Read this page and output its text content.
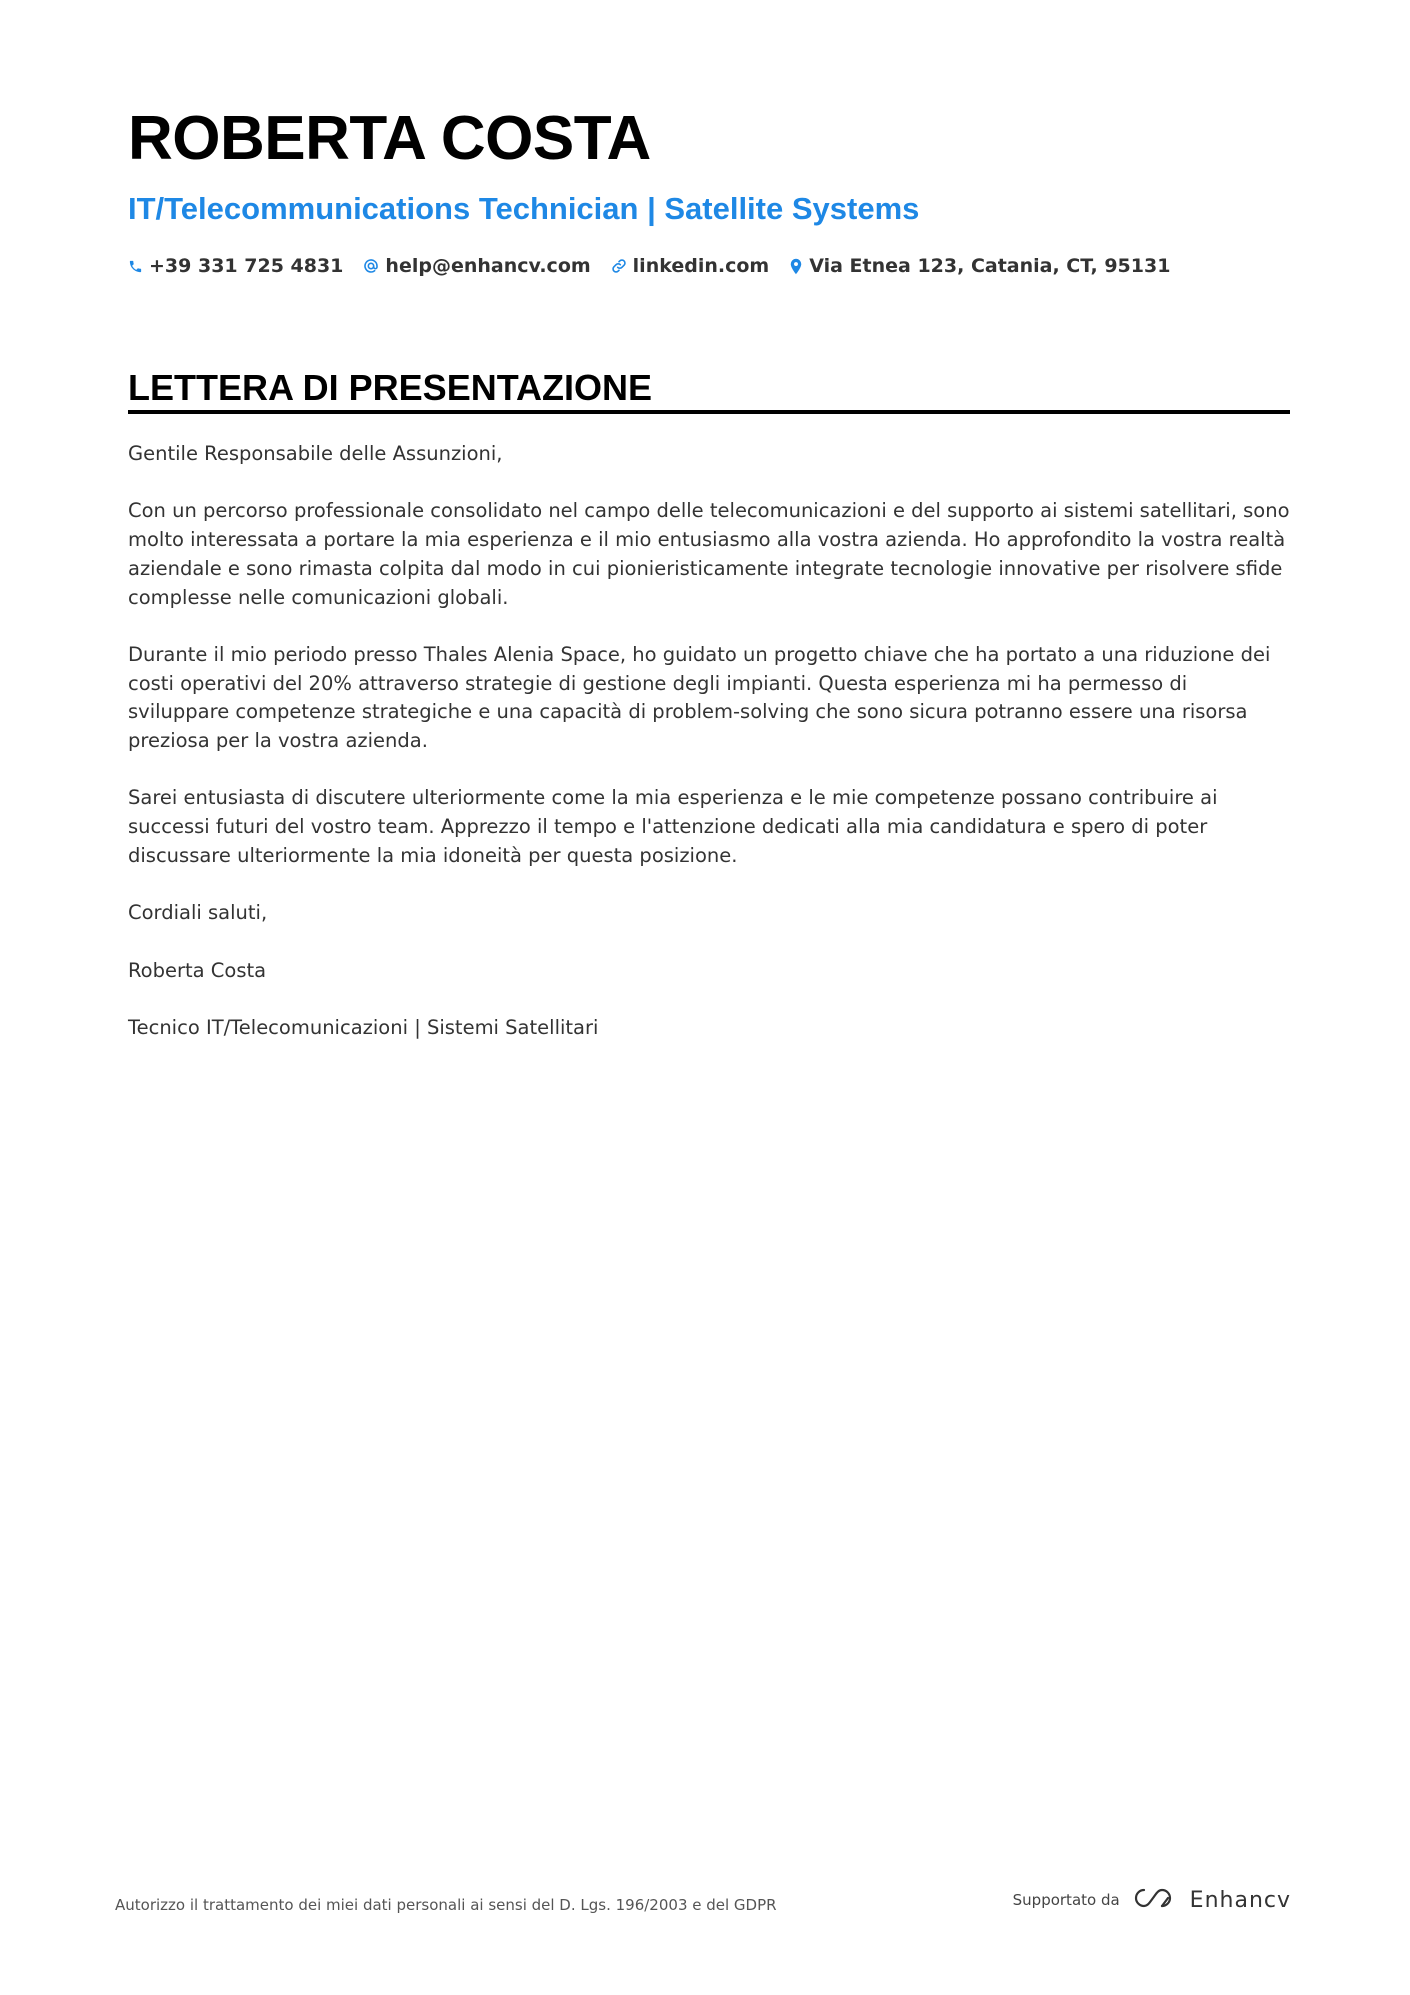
ROBERTA COSTA
IT/Telecommunications Technician | Satellite Systems
+39 331 725 4831 help@enhancv.com linkedin.com Via Etnea 123, Catania, CT, 95131
LETTERA DI PRESENTAZIONE

Gentile Responsabile delle Assunzioni,

Con un percorso professionale consolidato nel campo delle telecomunicazioni e del supporto ai sistemi satellitari, sono molto interessata a portare la mia esperienza e il mio entusiasmo alla vostra azienda. Ho approfondito la vostra realtà aziendale e sono rimasta colpita dal modo in cui pionieristicamente integrate tecnologie innovative per risolvere sfide complesse nelle comunicazioni globali.

Durante il mio periodo presso Thales Alenia Space, ho guidato un progetto chiave che ha portato a una riduzione dei costi operativi del 20% attraverso strategie di gestione degli impianti. Questa esperienza mi ha permesso di sviluppare competenze strategiche e una capacità di problem-solving che sono sicura potranno essere una risorsa preziosa per la vostra azienda.

Sarei entusiasta di discutere ulteriormente come la mia esperienza e le mie competenze possano contribuire ai successi futuri del vostro team. Apprezzo il tempo e l'attenzione dedicati alla mia candidatura e spero di poter discussare ulteriormente la mia idoneità per questa posizione.

Cordiali saluti,

Roberta Costa

Tecnico IT/Telecomunicazioni | Sistemi Satellitari

Autorizzo il trattamento dei miei dati personali ai sensi del D. Lgs. 196/2003 e del GDPR	Supportato da	Enhancv
